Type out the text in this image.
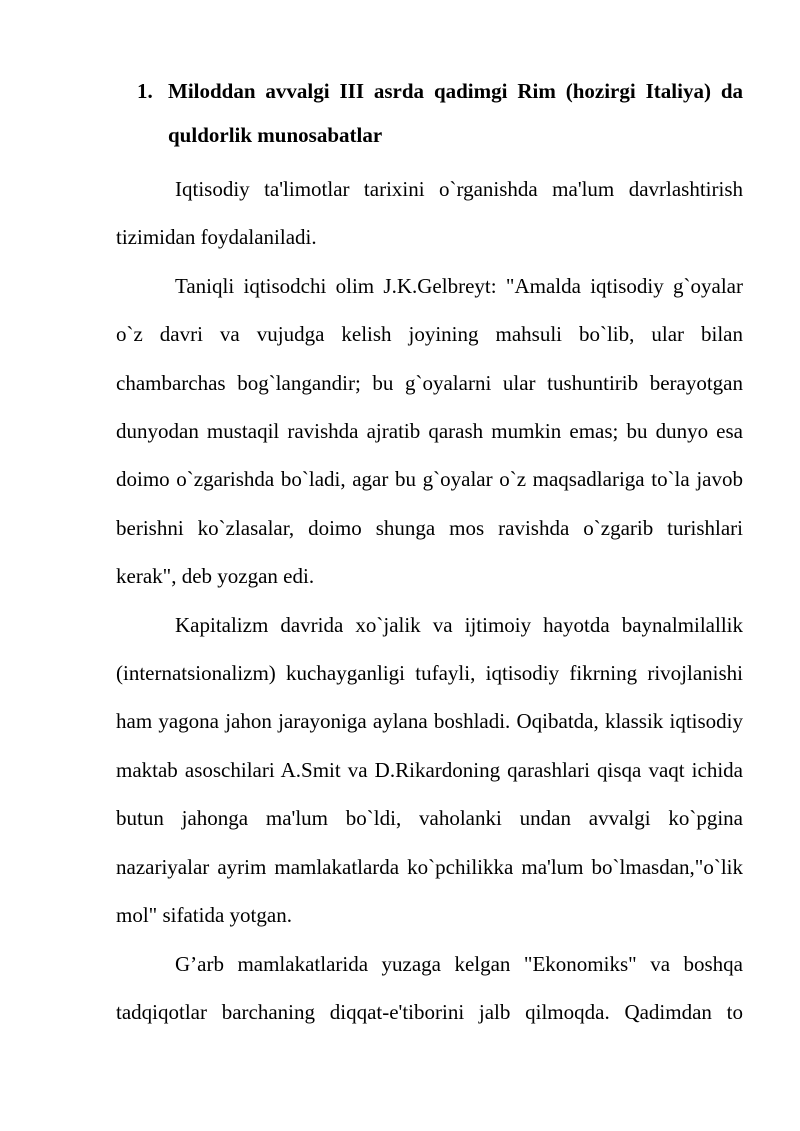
1. Miloddan avvalgi III asrda qadimgi Rim (hozirgi Italiya) da quldorlik munosabatlar

Iqtisodiy ta'limotlar tarixini o`rganishda ma'lum davrlashtirish tizimidan foydalaniladi.

Taniqli iqtisodchi olim J.K.Gelbreyt: "Amalda iqtisodiy g`oyalar o`z davri va vujudga kelish joyining mahsuli bo`lib, ular bilan chambarchas bog`langandir; bu g`oyalarni ular tushuntirib berayotgan dunyodan mustaqil ravishda ajratib qarash mumkin emas; bu dunyo esa doimo o`zgarishda bo`ladi, agar bu g`oyalar o`z maqsadlariga to`la javob berishni ko`zlasalar, doimo shunga mos ravishda o`zgarib turishlari kerak", deb yozgan edi.

Kapitalizm davrida xo`jalik va ijtimoiy hayotda baynalmilallik (internatsionalizm) kuchayganligi tufayli, iqtisodiy fikrning rivojlanishi ham yagona jahon jarayoniga aylana boshladi. Oqibatda, klassik iqtisodiy maktab asoschilari A.Smit va D.Rikardoning qarashlari qisqa vaqt ichida butun jahonga ma'lum bo`ldi, vaholanki undan avvalgi ko`pgina nazariyalar ayrim mamlakatlarda ko`pchilikka ma'lum bo`lmasdan,"o`lik mol" sifatida yotgan.

G’arb mamlakatlarida yuzaga kelgan "Ekonomiks" va boshqa tadqiqotlar barchaning diqqat-e'tiborini jalb qilmoqda. Qadimdan to
